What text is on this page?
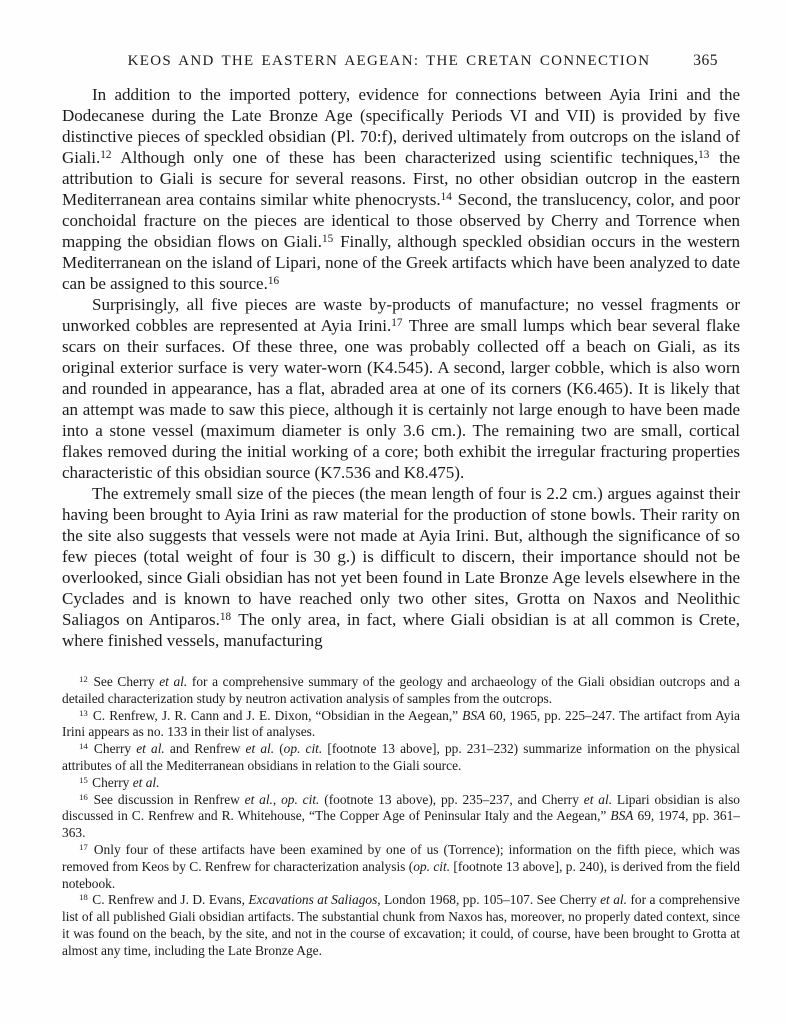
KEOS AND THE EASTERN AEGEAN: THE CRETAN CONNECTION	365

In addition to the imported pottery, evidence for connections between Ayia Irini and the Dodecanese during the Late Bronze Age (specifically Periods VI and VII) is provided by five distinctive pieces of speckled obsidian (Pl. 70:f), derived ultimately from outcrops on the island of Giali.$^{12}$ Although only one of these has been characterized using scientific techniques,$^{13}$ the attribution to Giali is secure for several reasons. First, no other obsidian outcrop in the eastern Mediterranean area contains similar white phenocrysts.$^{14}$ Second, the translucency, color, and poor conchoidal fracture on the pieces are identical to those observed by Cherry and Torrence when mapping the obsidian flows on Giali.$^{15}$ Finally, although speckled obsidian occurs in the western Mediterranean on the island of Lipari, none of the Greek artifacts which have been analyzed to date can be assigned to this source.$^{16}$

Surprisingly, all five pieces are waste by-products of manufacture; no vessel fragments or unworked cobbles are represented at Ayia Irini.$^{17}$ Three are small lumps which bear several flake scars on their surfaces. Of these three, one was probably collected off a beach on Giali, as its original exterior surface is very water-worn (K4.545). A second, larger cobble, which is also worn and rounded in appearance, has a flat, abraded area at one of its corners (K6.465). It is likely that an attempt was made to saw this piece, although it is certainly not large enough to have been made into a stone vessel (maximum diameter is only 3.6 cm.). The remaining two are small, cortical flakes removed during the initial working of a core; both exhibit the irregular fracturing properties characteristic of this obsidian source (K7.536 and K8.475).

The extremely small size of the pieces (the mean length of four is 2.2 cm.) argues against their having been brought to Ayia Irini as raw material for the production of stone bowls. Their rarity on the site also suggests that vessels were not made at Ayia Irini. But, although the significance of so few pieces (total weight of four is 30 g.) is difficult to discern, their importance should not be overlooked, since Giali obsidian has not yet been found in Late Bronze Age levels elsewhere in the Cyclades and is known to have reached only two other sites, Grotta on Naxos and Neolithic Saliagos on Antiparos.$^{18}$ The only area, in fact, where Giali obsidian is at all common is Crete, where finished vessels, manufacturing

$^{12}$ See Cherry et al. for a comprehensive summary of the geology and archaeology of the Giali obsidian outcrops and a detailed characterization study by neutron activation analysis of samples from the outcrops.

$^{13}$ C. Renfrew, J. R. Cann and J. E. Dixon, “Obsidian in the Aegean,” BSA 60, 1965, pp. 225–247. The artifact from Ayia Irini appears as no. 133 in their list of analyses.

$^{14}$ Cherry et al. and Renfrew et al. (op. cit. [footnote 13 above], pp. 231–232) summarize information on the physical attributes of all the Mediterranean obsidians in relation to the Giali source.

$^{15}$ Cherry et al.

$^{16}$ See discussion in Renfrew et al., op. cit. (footnote 13 above), pp. 235–237, and Cherry et al. Lipari obsidian is also discussed in C. Renfrew and R. Whitehouse, “The Copper Age of Peninsular Italy and the Aegean,” BSA 69, 1974, pp. 361–363.

$^{17}$ Only four of these artifacts have been examined by one of us (Torrence); information on the fifth piece, which was removed from Keos by C. Renfrew for characterization analysis (op. cit. [footnote 13 above], p. 240), is derived from the field notebook.

$^{18}$ C. Renfrew and J. D. Evans, Excavations at Saliagos, London 1968, pp. 105–107. See Cherry et al. for a comprehensive list of all published Giali obsidian artifacts. The substantial chunk from Naxos has, moreover, no properly dated context, since it was found on the beach, by the site, and not in the course of excavation; it could, of course, have been brought to Grotta at almost any time, including the Late Bronze Age.
